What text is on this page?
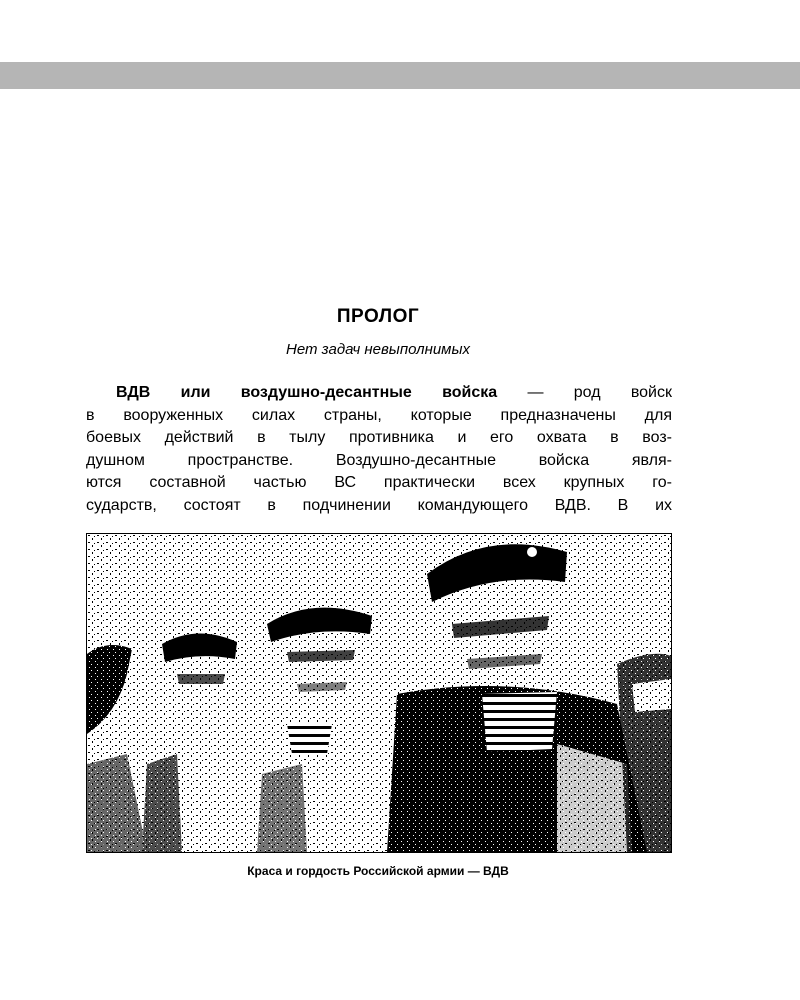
ПРОЛОГ
Нет задач невыполнимых
ВДВ или воздушно-десантные войска — род войск
в вооруженных силах страны, которые предназначены для
боевых действий в тылу противника и его охвата в воз-
душном пространстве. Воздушно-десантные войска явля-
ются составной частью ВС практически всех крупных го-
сударств, состоят в подчинении командующего ВДВ. В их
Краса и гордость Российской армии — ВДВ
